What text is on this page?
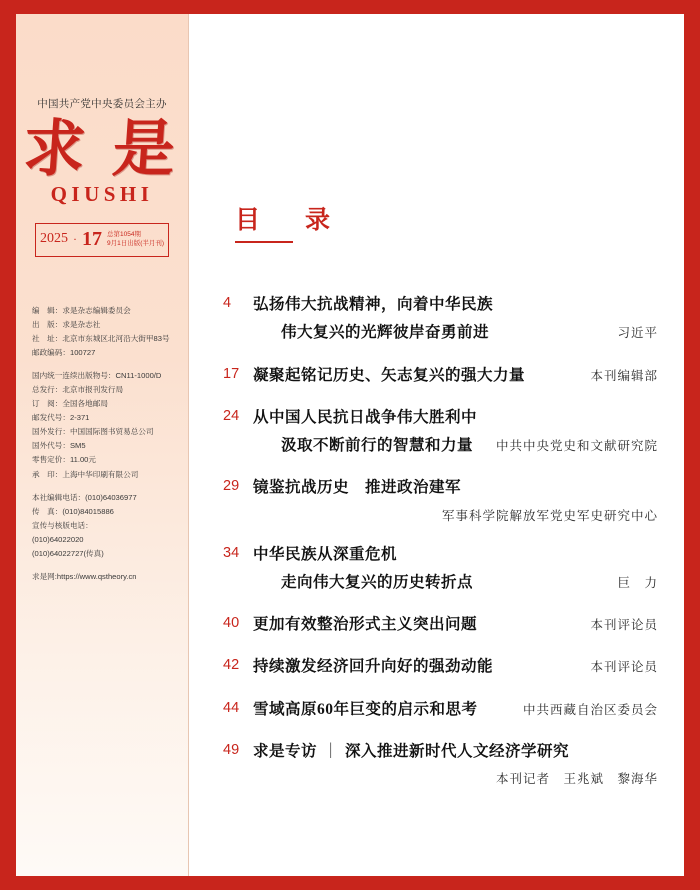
中国共产党中央委员会主办
求 是
QIUSHI
2025 · 17 总第1054期
9月1日出版(半月刊)
编　辑：求是杂志编辑委员会
出　版：求是杂志社
社　址：北京市东城区北河沿大街甲83号
邮政编码：100727
国内统一连续出版物号：CN11-1000/D
总发行：北京市报刊发行局
订　阅：全国各地邮局
邮发代号：2-371
国外发行：中国国际图书贸易总公司
国外代号：SM5
零售定价：11.00元
承　印：上海中华印刷有限公司
本社编辑电话：(010)64036977
传　真：(010)84015886
宣传与核版电话：
(010)64022020
(010)64022727(传真)
求是网:https://www.qstheory.cn
目　录
4	弘扬伟大抗战精神，向着中华民族
伟大复兴的光辉彼岸奋勇前进	习近平
17 凝聚起铭记历史、矢志复兴的强大力量	本刊编辑部
24 从中国人民抗日战争伟大胜利中
汲取不断前行的智慧和力量 中共中央党史和文献研究院
29 镜鉴抗战历史　推进政治建军
军事科学院解放军党史军史研究中心
34 中华民族从深重危机
走向伟大复兴的历史转折点	巨　力
40 更加有效整治形式主义突出问题	本刊评论员
42 持续激发经济回升向好的强劲动能	本刊评论员
44 雪域高原60年巨变的启示和思考	中共西藏自治区委员会
49 求是专访 ｜ 深入推进新时代人文经济学研究
本刊记者　王兆斌　黎海华
